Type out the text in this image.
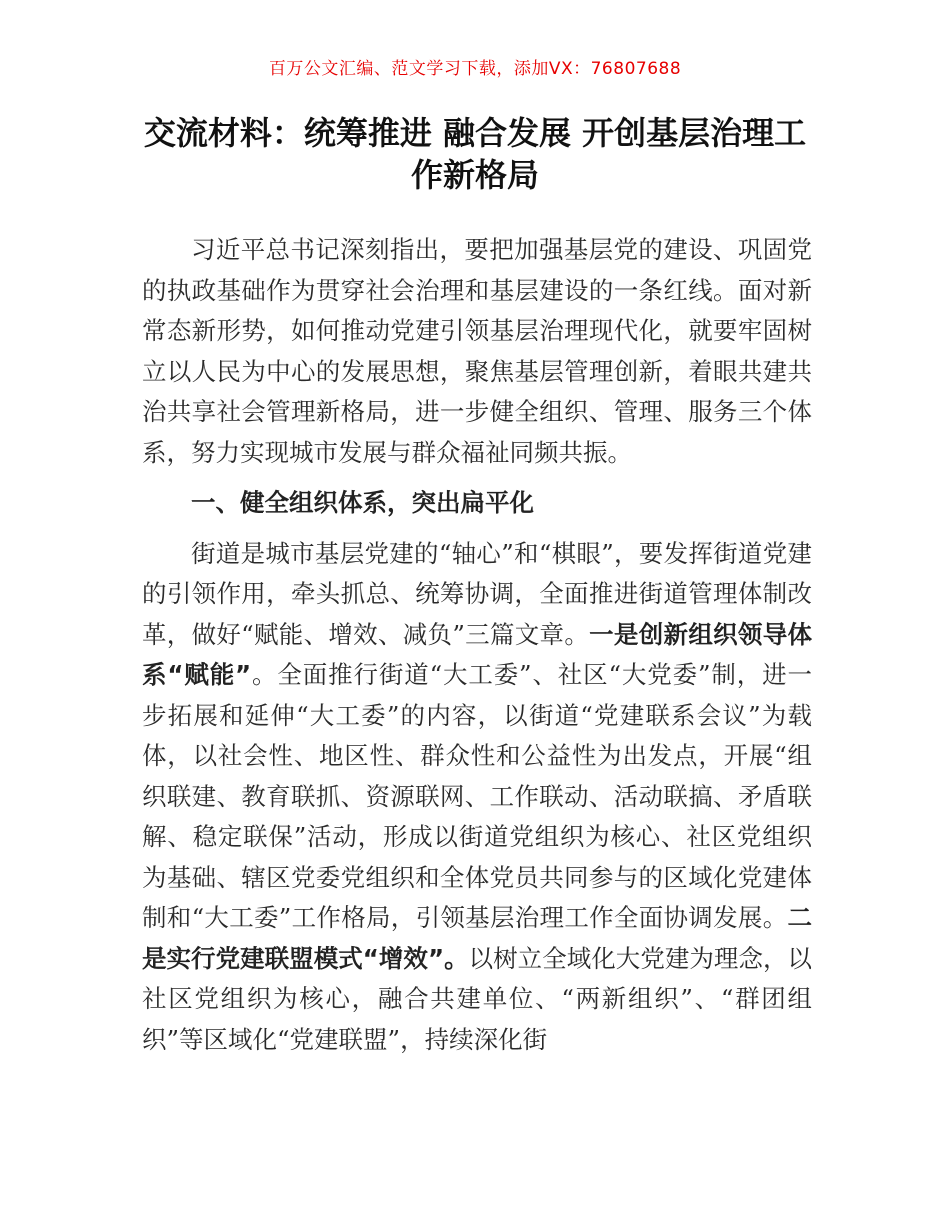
百万公文汇编、范文学习下载，添加VX：76807688
交流材料：统筹推进 融合发展 开创基层治理工作新格局

习近平总书记深刻指出，要把加强基层党的建设、巩固党的执政基础作为贯穿社会治理和基层建设的一条红线。面对新常态新形势，如何推动党建引领基层治理现代化，就要牢固树立以人民为中心的发展思想，聚焦基层管理创新，着眼共建共治共享社会管理新格局，进一步健全组织、管理、服务三个体系，努力实现城市发展与群众福祉同频共振。

一、健全组织体系，突出扁平化

街道是城市基层党建的“轴心”和“棋眼”，要发挥街道党建的引领作用，牵头抓总、统筹协调，全面推进街道管理体制改革，做好“赋能、增效、减负”三篇文章。一是创新组织领导体系“赋能”。全面推行街道“大工委”、社区“大党委”制，进一步拓展和延伸“大工委”的内容，以街道“党建联系会议”为载体，以社会性、地区性、群众性和公益性为出发点，开展“组织联建、教育联抓、资源联网、工作联动、活动联搞、矛盾联解、稳定联保”活动，形成以街道党组织为核心、社区党组织为基础、辖区党委党组织和全体党员共同参与的区域化党建体制和“大工委”工作格局，引领基层治理工作全面协调发展。二是实行党建联盟模式“增效”。以树立全域化大党建为理念，以社区党组织为核心，融合共建单位、“两新组织”、“群团组织”等区域化“党建联盟”，持续深化街
